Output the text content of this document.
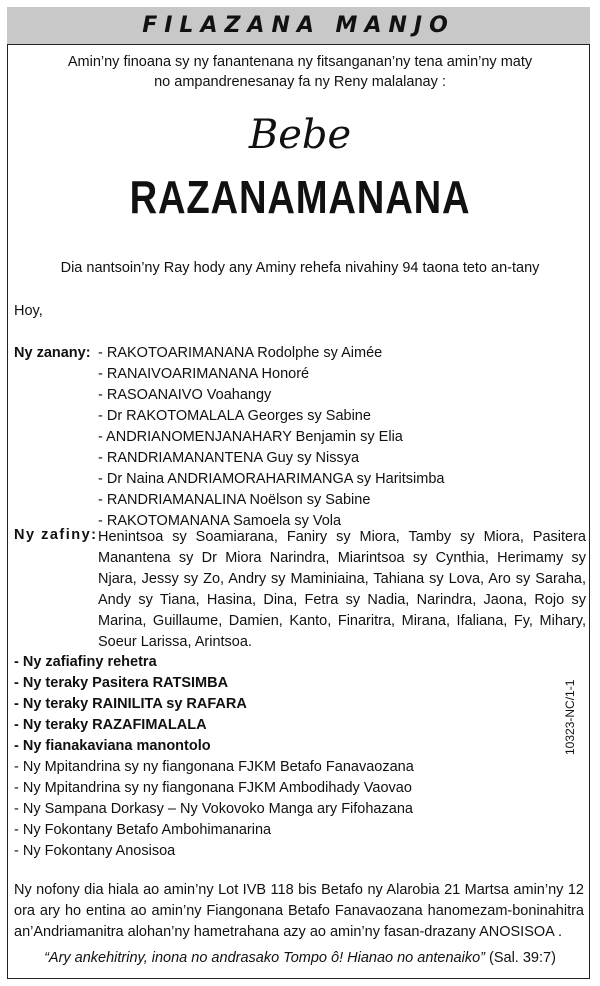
FILAZANA MANJO
Amin’ny finoana sy ny fanantenana ny fitsanganan’ny tena amin’ny maty
no ampandrenesanay fa ny Reny malalanay :
Bebe
RAZANAMANANA
Dia nantsoin’ny Ray hody any Aminy rehefa nivahiny 94 taona teto an-tany
Hoy,
Ny zanany: - RAKOTOARIMANANA Rodolphe sy Aimée
- RANAIVOARIMANANA Honoré
- RASOANAIVO Voahangy
- Dr RAKOTOMALALA Georges sy Sabine
- ANDRIANOMENJANAHARY Benjamin sy Elia
- RANDRIAMANANTENA Guy sy Nissya
- Dr Naina ANDRIAMORAHARIMANGA sy Haritsimba
- RANDRIAMANALINA Noëlson sy Sabine
- RAKOTOMANANA Samoela sy Vola
Ny zafiny: Henintsoa sy Soamiarana, Faniry sy Miora, Tamby sy Miora, Pasitera Manantena sy Dr Miora Narindra, Miarintsoa sy Cynthia, Herimamy sy Njara, Jessy sy Zo, Andry sy Maminiaina, Tahiana sy Lova, Aro sy Saraha, Andy sy Tiana, Hasina, Dina, Fetra sy Nadia, Narindra, Jaona, Rojo sy Marina, Guillaume, Damien, Kanto, Finaritra, Mirana, Ifaliana, Fy, Mihary, Soeur Larissa, Arintsoa.
- Ny zafiafiny rehetra
- Ny teraky Pasitera RATSIMBA
- Ny teraky RAINILITA sy RAFARA
- Ny teraky RAZAFIMALALA
- Ny fianakaviana manontolo
- Ny Mpitandrina sy ny fiangonana FJKM Betafo Fanavaozana
- Ny Mpitandrina sy ny fiangonana FJKM Ambodihady Vaovao
- Ny Sampana Dorkasy – Ny Vokovoko Manga ary Fifohazana
- Ny Fokontany Betafo Ambohimanarina
- Ny Fokontany Anosisoa
10323-NC/1-1
Ny nofony dia hiala ao amin’ny Lot IVB 118 bis Betafo ny Alarobia 21 Martsa amin’ny 12 ora ary ho entina ao amin’ny Fiangonana Betafo Fanavaozana hanomezam-boninahitra an’Andriamanitra alohan’ny hametrahana azy ao amin’ny fasan-drazany ANOSISOA .
“Ary ankehitriny, inona no andrasako Tompo ô! Hianao no antenaiko” (Sal. 39:7)
